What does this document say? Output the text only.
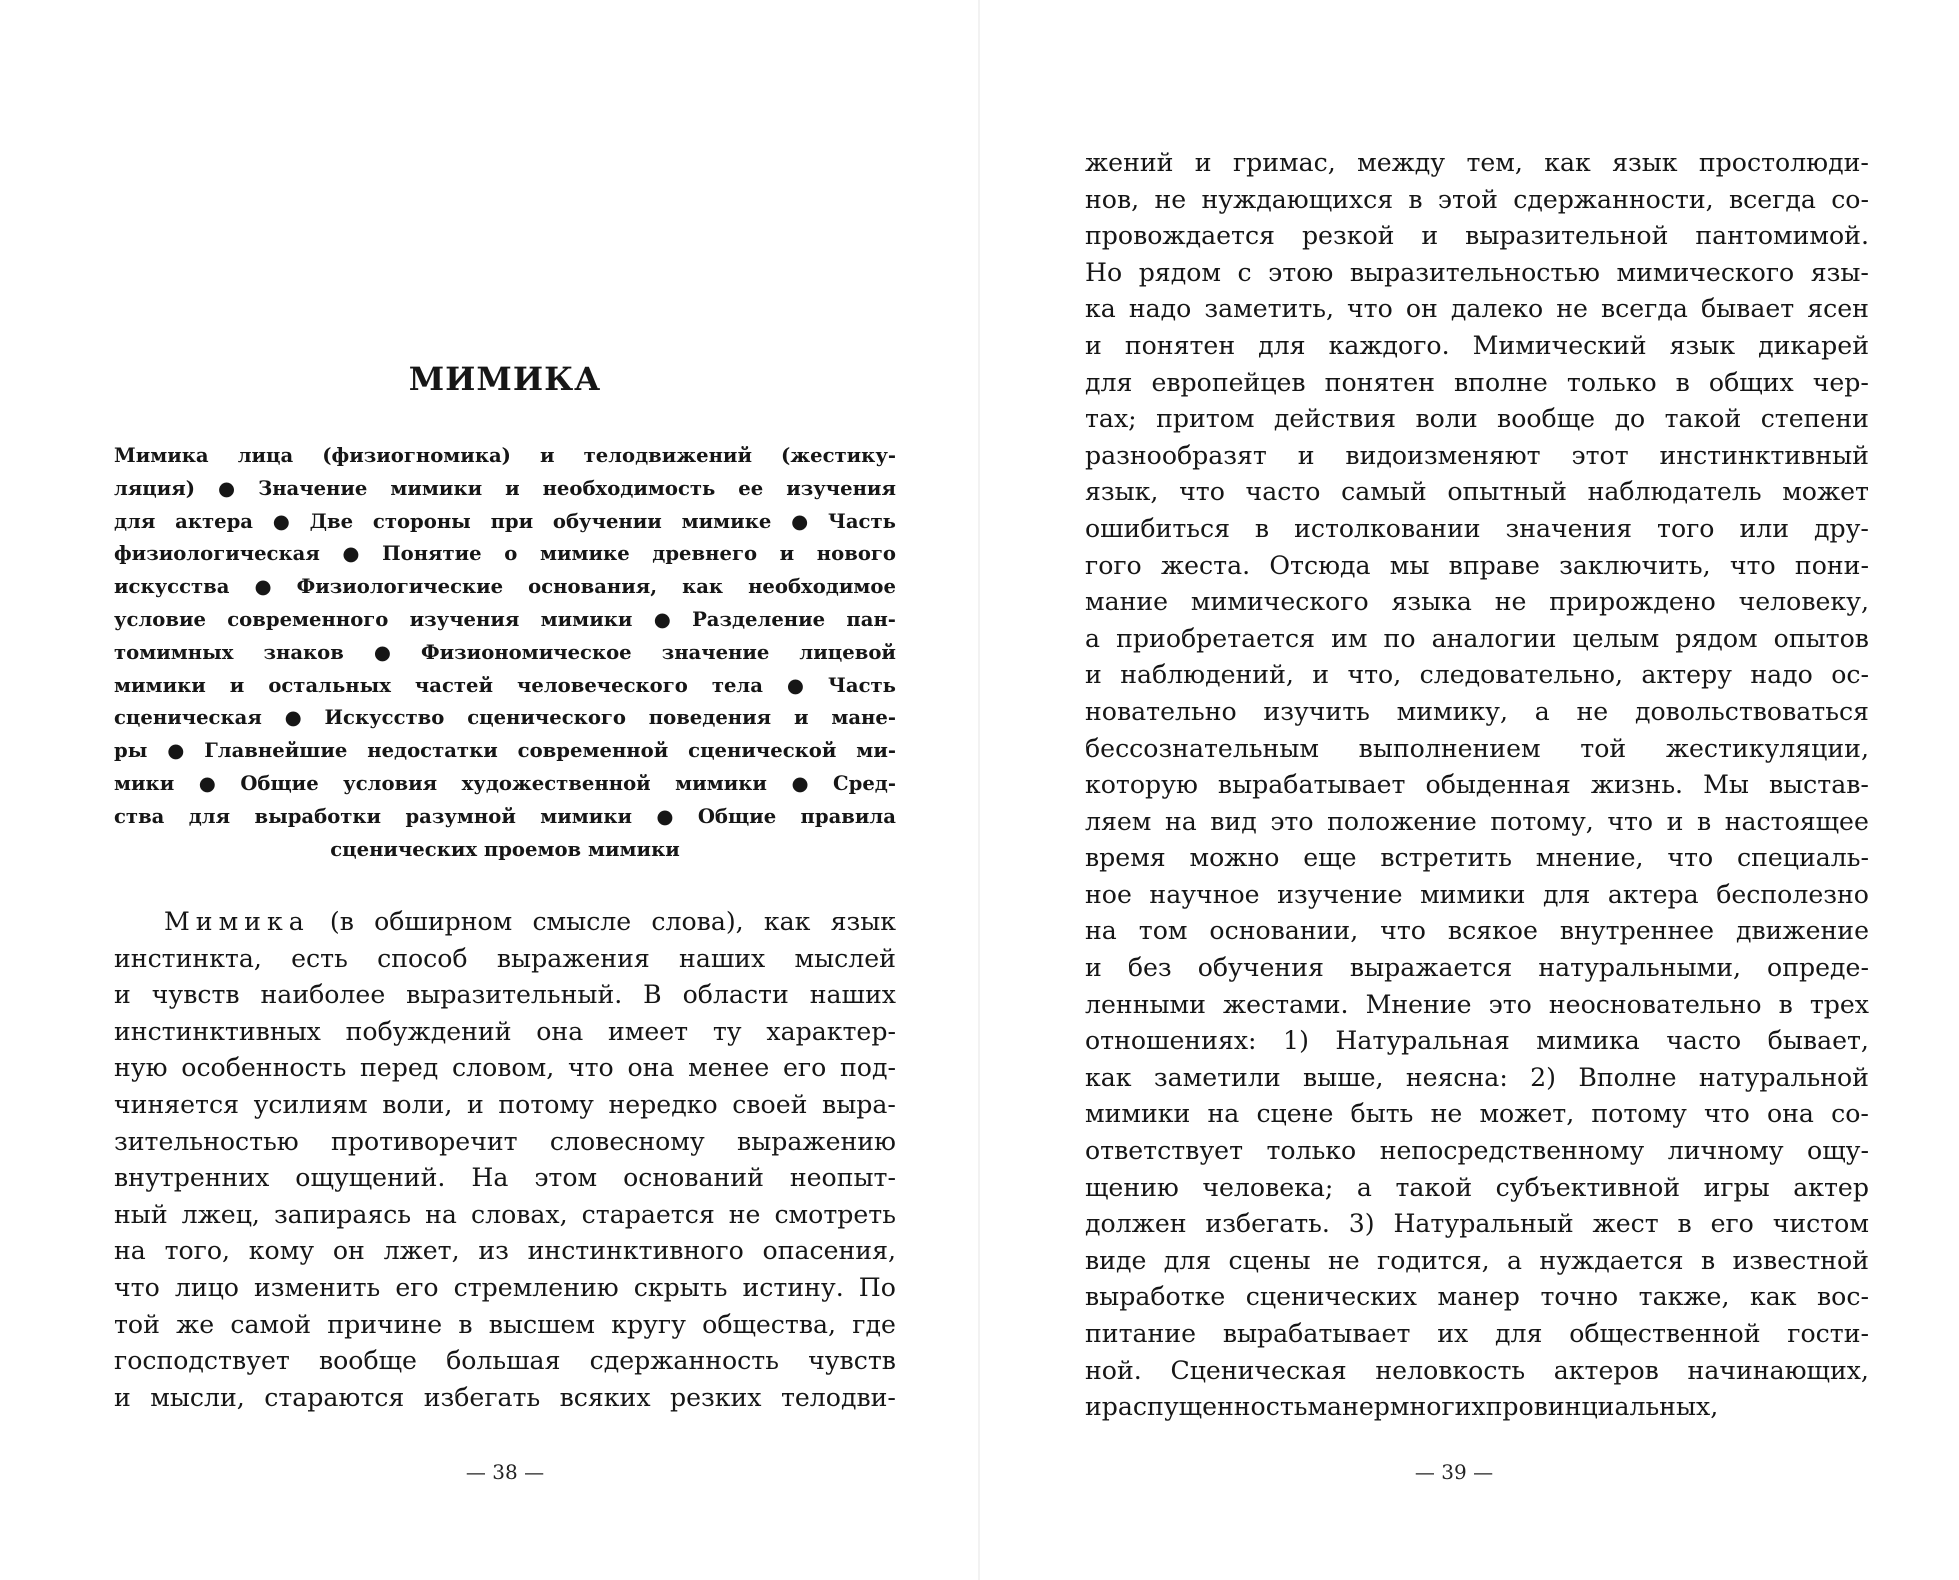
МИМИКА
Мимика лица (физиогномика) и телодвижений (жестику-
ляция) ● Значение мимики и необходимость ее изучения
для актера ● Две стороны при обучении мимике ● Часть
физиологическая ● Понятие о мимике древнего и нового
искусства ● Физиологические основания, как необходимое
условие современного изучения мимики ● Разделение пан-
томимных знаков ● Физиономическое значение лицевой
мимики и остальных частей человеческого тела ● Часть
сценическая ● Искусство сценического поведения и мане-
ры ● Главнейшие недостатки современной сценической ми-
мики ● Общие условия художественной мимики ● Сред-
ства для выработки разумной мимики ● Общие правила
сценических проемов мимики
Мимика (в обширном смысле слова), как язык
инстинкта, есть способ выражения наших мыслей
и чувств наиболее выразительный. В области наших
инстинктивных побуждений она имеет ту характер-
ную особенность перед словом, что она менее его под-
чиняется усилиям воли, и потому нередко своей выра-
зительностью противоречит словесному выражению
внутренних ощущений. На этом оснований неопыт-
ный лжец, запираясь на словах, старается не смотреть
на того, кому он лжет, из инстинктивного опасения,
что лицо изменить его стремлению скрыть истину. По
той же самой причине в высшем кругу общества, где
господствует вообще большая сдержанность чувств
и мысли, стараются избегать всяких резких телодви-
— 38 —
жений и гримас, между тем, как язык простолюди-
нов, не нуждающихся в этой сдержанности, всегда со-
провождается резкой и выразительной пантомимой.
Но рядом с этою выразительностью мимического язы-
ка надо заметить, что он далеко не всегда бывает ясен
и понятен для каждого. Мимический язык дикарей
для европейцев понятен вполне только в общих чер-
тах; притом действия воли вообще до такой степени
разнообразят и видоизменяют этот инстинктивный
язык, что часто самый опытный наблюдатель может
ошибиться в истолковании значения того или дру-
гого жеста. Отсюда мы вправе заключить, что пони-
мание мимического языка не прирождено человеку,
а приобретается им по аналогии целым рядом опытов
и наблюдений, и что, следовательно, актеру надо ос-
новательно изучить мимику, а не довольствоваться
бессознательным выполнением той жестикуляции,
которую вырабатывает обыденная жизнь. Мы выстав-
ляем на вид это положение потому, что и в настоящее
время можно еще встретить мнение, что специаль-
ное научное изучение мимики для актера бесполезно
на том основании, что всякое внутреннее движение
и без обучения выражается натуральными, опреде-
ленными жестами. Мнение это неосновательно в трех
отношениях: 1) Натуральная мимика часто бывает,
как заметили выше, неясна: 2) Вполне натуральной
мимики на сцене быть не может, потому что она со-
ответствует только непосредственному личному ощу-
щению человека; а такой субъективной игры актер
должен избегать. 3) Натуральный жест в его чистом
виде для сцены не годится, а нуждается в известной
выработке сценических манер точно также, как вос-
питание вырабатывает их для общественной гости-
ной. Сценическая неловкость актеров начинающих,
и распущенность манер многих провинциальных,
— 39 —
